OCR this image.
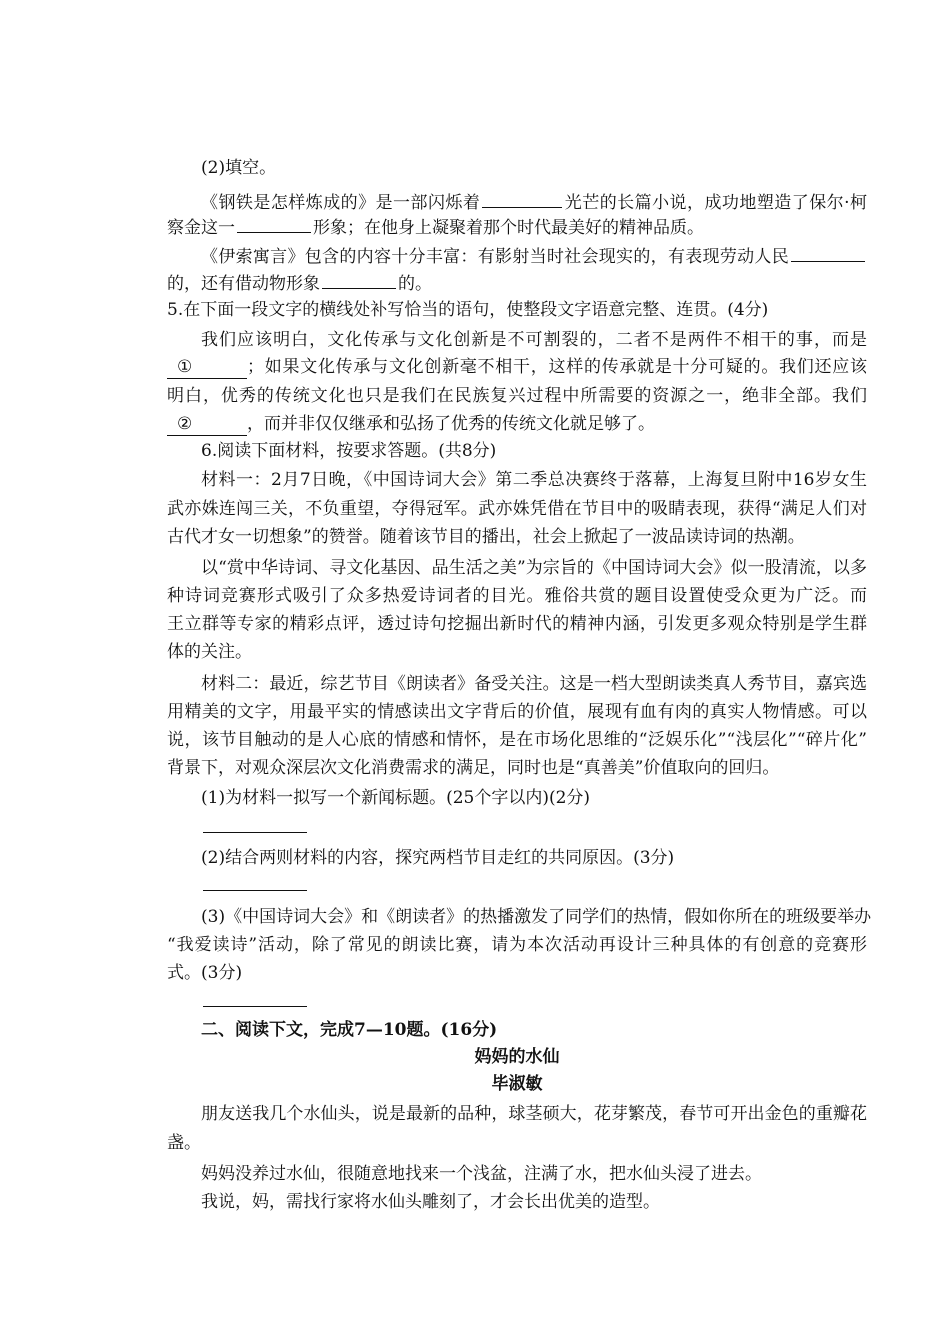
(2)填空。
《钢铁是怎样炼成的》是一部闪烁着	光芒的长篇小说，成功地塑造了保尔·柯
察金这一	形象；在他身上凝聚着那个时代最美好的精神品质。
《伊索寓言》包含的内容十分丰富：有影射当时社会现实的，有表现劳动人民
的，还有借动物形象	的。
5.在下面一段文字的横线处补写恰当的语句，使整段文字语意完整、连贯。(4分)
我们应该明白，文化传承与文化创新是不可割裂的，二者不是两件不相干的事，而是
①	；如果文化传承与文化创新毫不相干，这样的传承就是十分可疑的。我们还应该
明白，优秀的传统文化也只是我们在民族复兴过程中所需要的资源之一，绝非全部。我们
②	，而并非仅仅继承和弘扬了优秀的传统文化就足够了。
6.阅读下面材料，按要求答题。(共8分)
材料一：2月7日晚，《中国诗词大会》第二季总决赛终于落幕，上海复旦附中16岁女生
武亦姝连闯三关，不负重望，夺得冠军。武亦姝凭借在节目中的吸睛表现，获得“满足人们对
古代才女一切想象”的赞誉。随着该节目的播出，社会上掀起了一波品读诗词的热潮。
以“赏中华诗词、寻文化基因、品生活之美”为宗旨的《中国诗词大会》似一股清流，以多
种诗词竞赛形式吸引了众多热爱诗词者的目光。雅俗共赏的题目设置使受众更为广泛。而
王立群等专家的精彩点评，透过诗句挖掘出新时代的精神内涵，引发更多观众特别是学生群
体的关注。
材料二：最近，综艺节目《朗读者》备受关注。这是一档大型朗读类真人秀节目，嘉宾选
用精美的文字，用最平实的情感读出文字背后的价值，展现有血有肉的真实人物情感。可以
说，该节目触动的是人心底的情感和情怀，是在市场化思维的“泛娱乐化”“浅层化”“碎片化”
背景下，对观众深层次文化消费需求的满足，同时也是“真善美”价值取向的回归。
(1)为材料一拟写一个新闻标题。(25个字以内)(2分)
(2)结合两则材料的内容，探究两档节目走红的共同原因。(3分)
(3)《中国诗词大会》和《朗读者》的热播激发了同学们的热情，假如你所在的班级要举办
“我爱读诗”活动，除了常见的朗读比赛，请为本次活动再设计三种具体的有创意的竞赛形
式。(3分)
二、阅读下文，完成7—10题。(16分)
妈妈的水仙
毕淑敏
朋友送我几个水仙头，说是最新的品种，球茎硕大，花芽繁茂，春节可开出金色的重瓣花
盏。
妈妈没养过水仙，很随意地找来一个浅盆，注满了水，把水仙头浸了进去。
我说，妈，需找行家将水仙头雕刻了，才会长出优美的造型。
